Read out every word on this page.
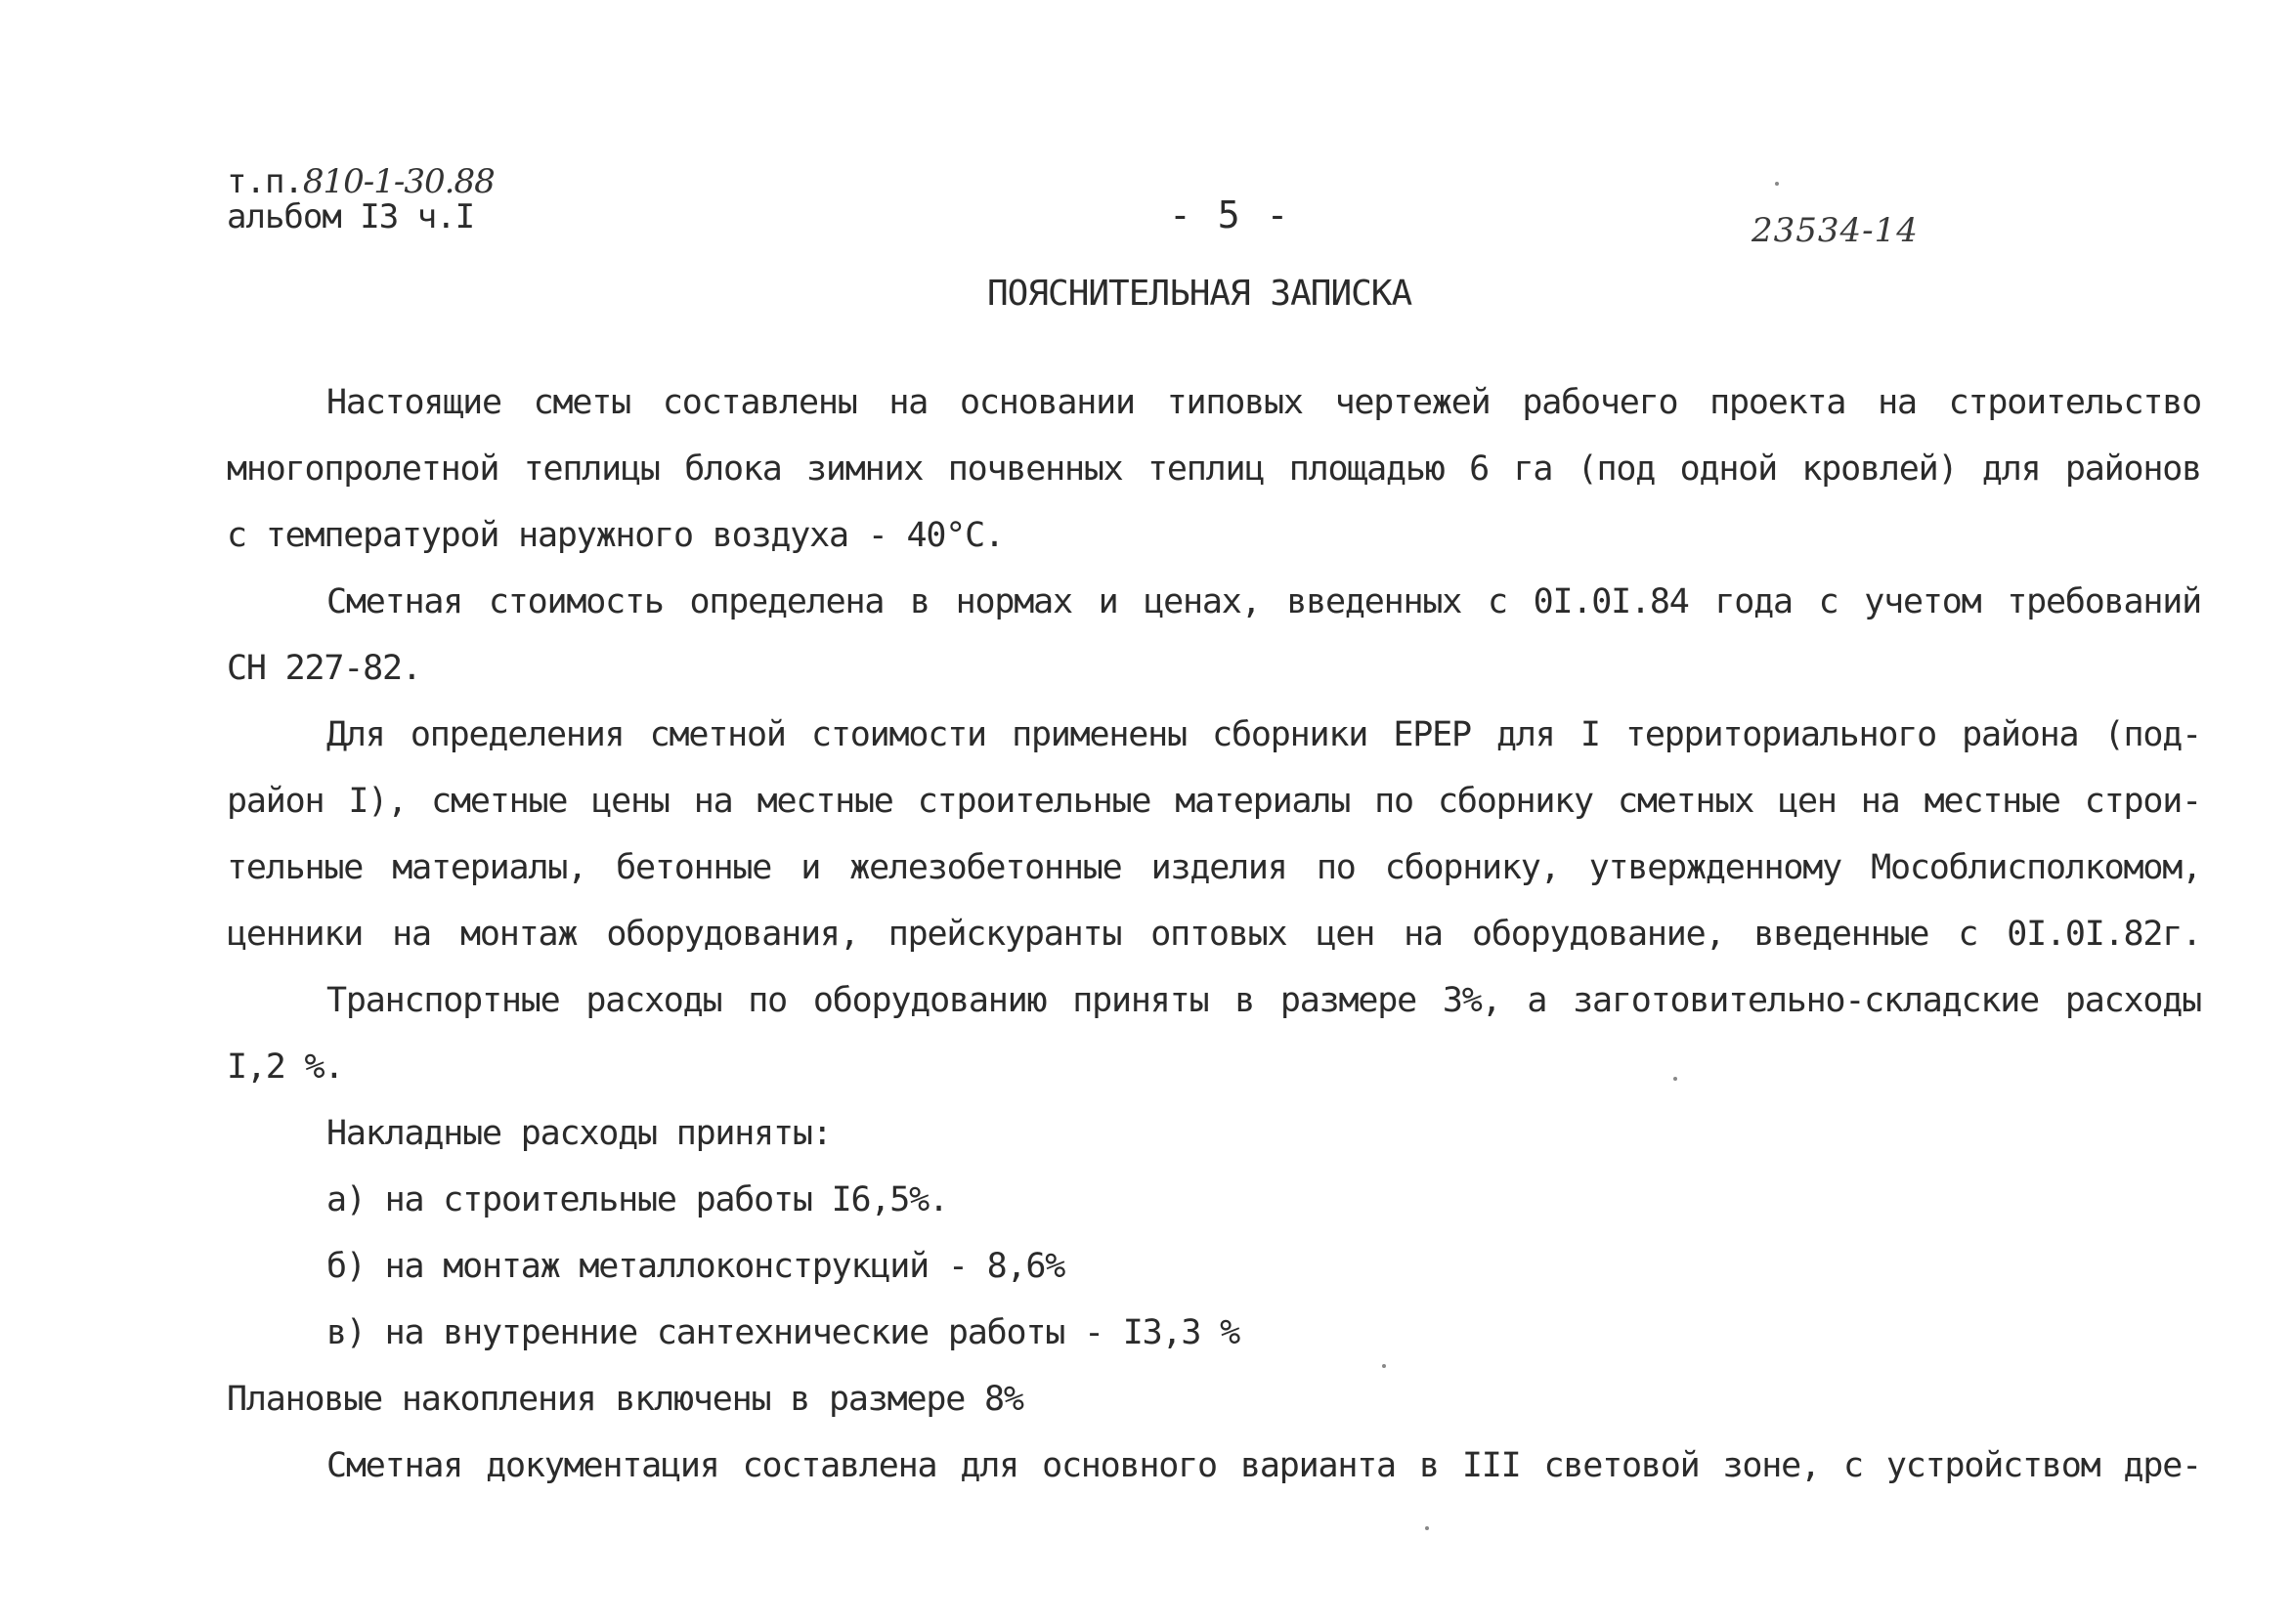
т.п.810-1-30.88
альбом I3 ч.I	- 5 -	23534-14
ПОЯСНИТЕЛЬНАЯ ЗАПИСКА
Настоящие сметы составлены на основании типовых чертежей рабочего проекта на строительство
многопролетной теплицы блока зимних почвенных теплиц площадью 6 га (под одной кровлей) для районов
с температурой наружного воздуха - 40°С.
Сметная стоимость определена в нормах и ценах, введенных с 0I.0I.84 года с учетом требований
СН 227-82.
Для определения сметной стоимости применены сборники ЕРЕР для I территориального района (под-
район I), сметные цены на местные строительные материалы по сборнику сметных цен на местные строи-
тельные материалы, бетонные и железобетонные изделия по сборнику, утвержденному Мособлисполкомом,
ценники на монтаж оборудования, прейскуранты оптовых цен на оборудование, введенные с 0I.0I.82г.
Транспортные расходы по оборудованию приняты в размере 3%, а заготовительно-складские расходы
I,2 %.
Накладные расходы приняты:
а) на строительные работы I6,5%.
б) на монтаж металлоконструкций - 8,6%
в) на внутренние сантехнические работы - I3,3 %
Плановые накопления включены в размере 8%
Сметная документация составлена для основного варианта в III световой зоне, с устройством дре-
